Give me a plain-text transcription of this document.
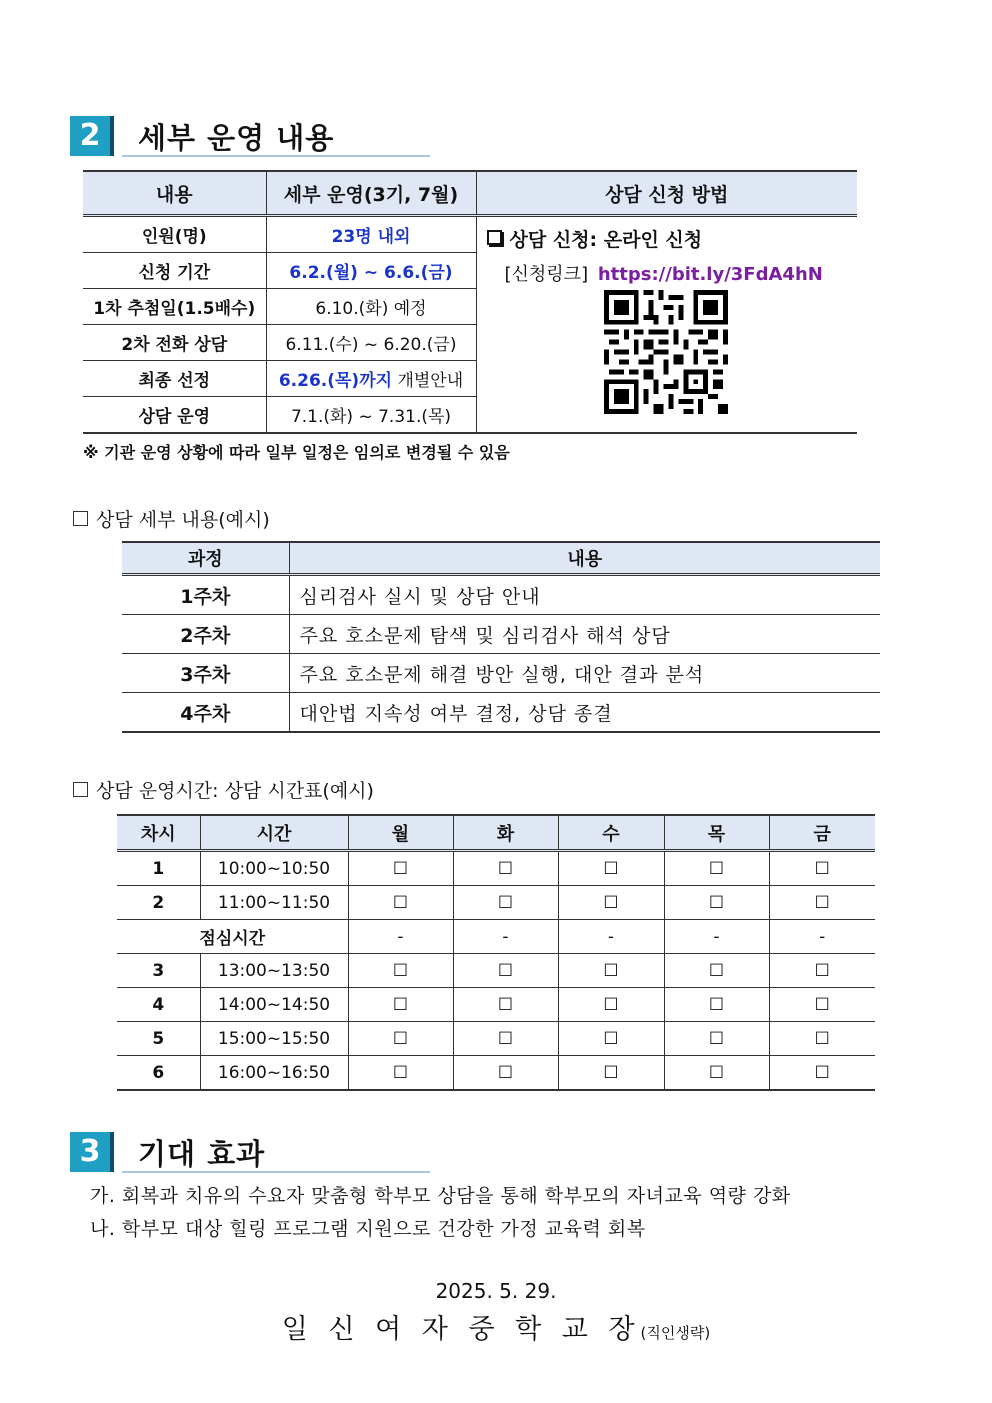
2	세부 운영 내용
내용	세부 운영(3기, 7월)	상담 신청 방법
인원(명)	23명 내외	상담 신청: 온라인 신청
[신청링크] https://bit.ly/3FdA4hN

신청 기간	6.2.(월) ~ 6.6.(금)	
1차 추첨일(1.5배수)	6.10.(화) 예정	
2차 전화 상담	6.11.(수) ~ 6.20.(금)	
최종 선정	6.26.(목)까지 개별안내	
상담 운영	7.1.(화) ~ 7.31.(목)	
※ 기관 운영 상황에 따라 일부 일정은 임의로 변경될 수 있음
상담 세부 내용(예시)
과정	내용
1주차	심리검사 실시 및 상담 안내
2주차	주요 호소문제 탐색 및 심리검사 해석 상담
3주차	주요 호소문제 해결 방안 실행, 대안 결과 분석
4주차	대안법 지속성 여부 결정, 상담 종결
상담 운영시간: 상담 시간표(예시)
차시	시간	월	화	수	목	금
1	10:00~10:50	☐	☐	☐	☐	☐
2	11:00~11:50	☐	☐	☐	☐	☐
점심시간		-	-	-	-	-
3	13:00~13:50	☐	☐	☐	☐	☐
4	14:00~14:50	☐	☐	☐	☐	☐
5	15:00~15:50	☐	☐	☐	☐	☐
6	16:00~16:50	☐	☐	☐	☐	☐
3	기대 효과
가. 회복과 치유의 수요자 맞춤형 학부모 상담을 통해 학부모의 자녀교육 역량 강화
나. 학부모 대상 힐링 프로그램 지원으로 건강한 가정 교육력 회복
2025. 5. 29.
일 신 여 자 중 학 교 장(직인생략)
